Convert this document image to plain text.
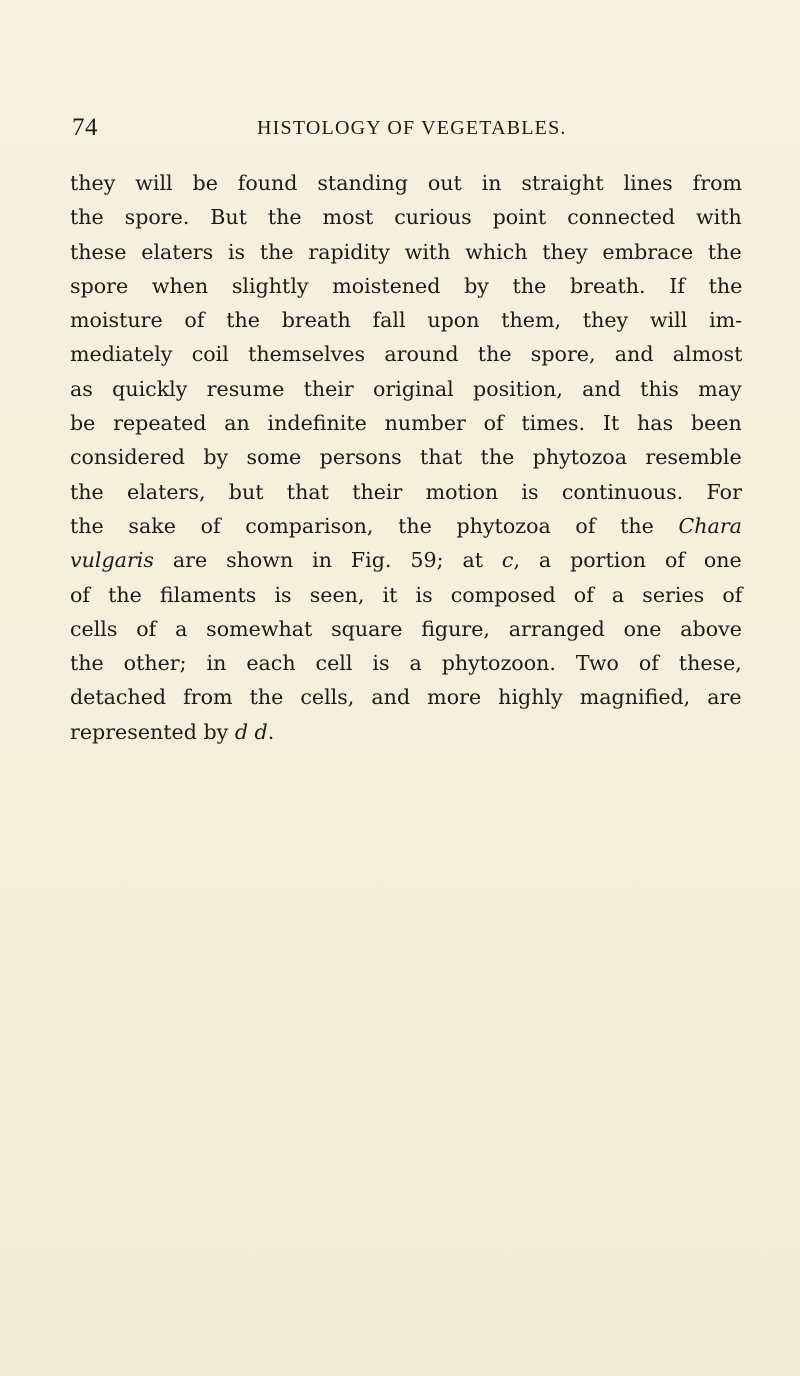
74	HISTOLOGY OF VEGETABLES.
they will be found standing out in straight lines from
the spore. But the most curious point connected with
these elaters is the rapidity with which they embrace the
spore when slightly moistened by the breath. If the
moisture of the breath fall upon them, they will im-
mediately coil themselves around the spore, and almost
as quickly resume their original position, and this may
be repeated an indefinite number of times. It has been
considered by some persons that the phytozoa resemble
the elaters, but that their motion is continuous. For
the sake of comparison, the phytozoa of the Chara
vulgaris are shown in Fig. 59; at c, a portion of one
of the filaments is seen, it is composed of a series of
cells of a somewhat square figure, arranged one above
the other; in each cell is a phytozoon. Two of these,
detached from the cells, and more highly magnified, are
represented by d d.
